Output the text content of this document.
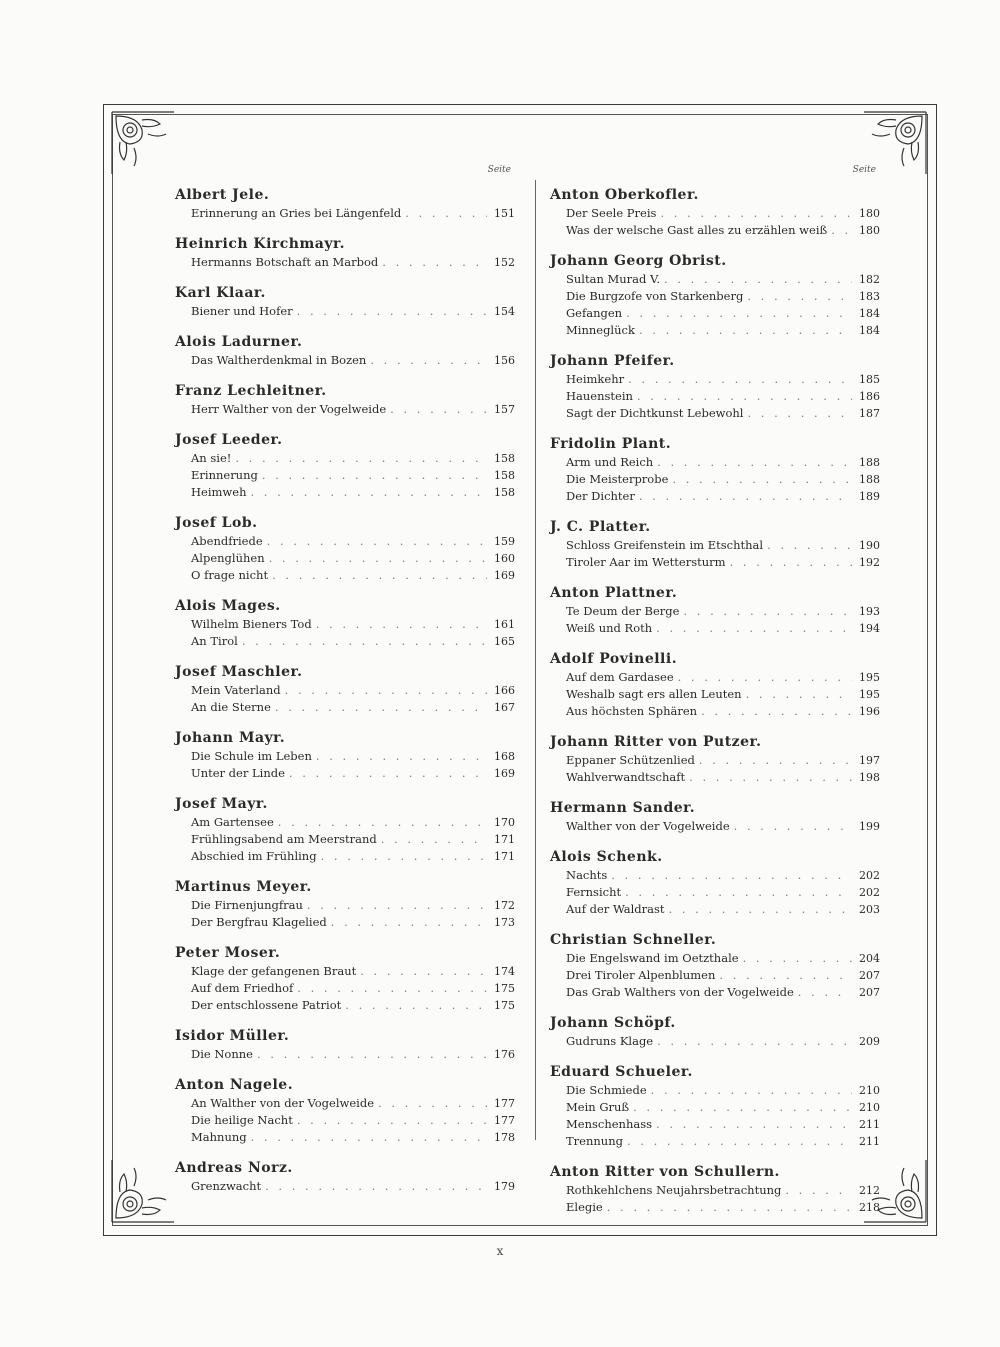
Seite
Albert Jele.
Erinnerung an Gries bei Längenfeld . . .	151
Heinrich Kirchmayr.
Hermanns Botschaft an Marbod . . .	152
Karl Klaar.
Biener und Hofer . . .	154
Alois Ladurner.
Das Waltherdenkmal in Bozen . . .	156
Franz Lechleitner.
Herr Walther von der Vogelweide . . .	157
Josef Leeder.
An sie! . . .	158
Erinnerung . . .	158
Heimweh . . .	158
Josef Lob.
Abendfriede . . .	159
Alpenglühen . . .	160
O frage nicht . . .	169
Alois Mages.
Wilhelm Bieners Tod . . .	161
An Tirol . . .	165
Josef Maschler.
Mein Vaterland . . .	166
An die Sterne . . .	167
Johann Mayr.
Die Schule im Leben . . .	168
Unter der Linde . . .	169
Josef Mayr.
Am Gartensee . . .	170
Frühlingsabend am Meerstrand . . .	171
Abschied im Frühling . . .	171
Martinus Meyer.
Die Firnenjungfrau . . .	172
Der Bergfrau Klagelied . . .	173
Peter Moser.
Klage der gefangenen Braut . . .	174
Auf dem Friedhof . . .	175
Der entschlossene Patriot . . .	175
Isidor Müller.
Die Nonne . . .	176
Anton Nagele.
An Walther von der Vogelweide . . .	177
Die heilige Nacht . . .	177
Mahnung . . .	178
Andreas Norz.
Grenzwacht . . .	179
Seite
Anton Oberkofler.
Der Seele Preis . . .	180
Was der welsche Gast alles zu erzählen weiß . . .	180
Johann Georg Obrist.
Sultan Murad V. . . .	182
Die Burgzofe von Starkenberg . . .	183
Gefangen . . .	184
Minneglück . . .	184
Johann Pfeifer.
Heimkehr . . .	185
Hauenstein . . .	186
Sagt der Dichtkunst Lebewohl . . .	187
Fridolin Plant.
Arm und Reich . . .	188
Die Meisterprobe . . .	188
Der Dichter . . .	189
J. C. Platter.
Schloss Greifenstein im Etschthal . . .	190
Tiroler Aar im Wettersturm . . .	192
Anton Plattner.
Te Deum der Berge . . .	193
Weiß und Roth . . .	194
Adolf Povinelli.
Auf dem Gardasee . . .	195
Weshalb sagt ers allen Leuten . . .	195
Aus höchsten Sphären . . .	196
Johann Ritter von Putzer.
Eppaner Schützenlied . . .	197
Wahlverwandtschaft . . .	198
Hermann Sander.
Walther von der Vogelweide . . .	199
Alois Schenk.
Nachts . . .	202
Fernsicht . . .	202
Auf der Waldrast . . .	203
Christian Schneller.
Die Engelswand im Oetzthale . . .	204
Drei Tiroler Alpenblumen . . .	207
Das Grab Walthers von der Vogelweide . . .	207
Johann Schöpf.
Gudruns Klage . . .	209
Eduard Schueler.
Die Schmiede . . .	210
Mein Gruß . . .	210
Menschenhass . . .	211
Trennung . . .	211
Anton Ritter von Schullern.
Rothkehlchens Neujahrsbetrachtung . . .	212
Elegie . . .	218
x
